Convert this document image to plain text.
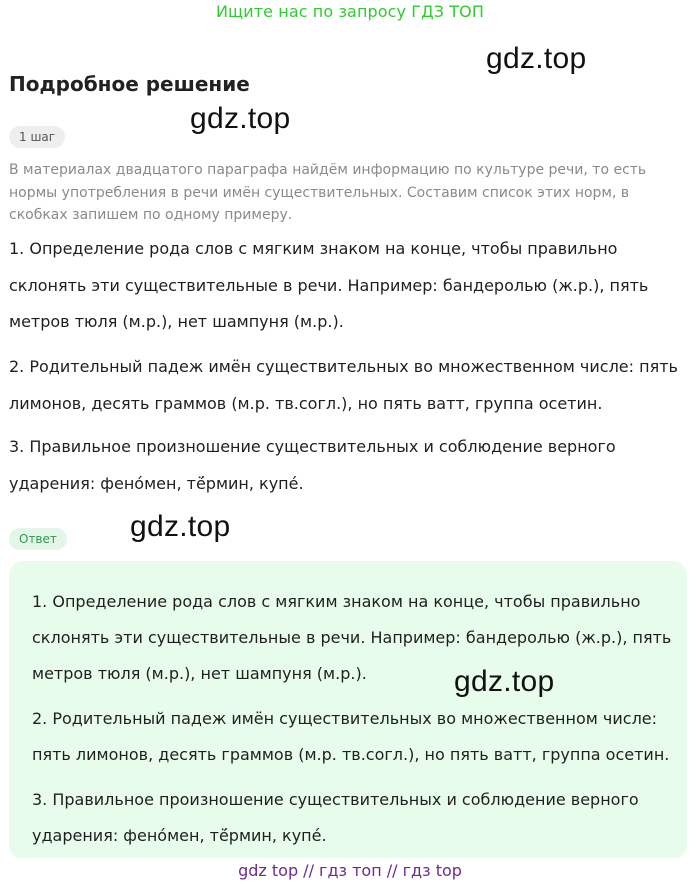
Ищите нас по запросу ГДЗ ТОП
gdz.top
Подробное решение
gdz.top
1 шаг
В материалах двадцатого параграфа найдём информацию по культуре речи, то есть нормы употребления в речи имён существительных. Составим список этих норм, в скобках запишем по одному примеру.
1. Определение рода слов с мягким знаком на конце, чтобы правильно склонять эти существительные в речи. Например: бандеролью (ж.р.), пять метров тюля (м.р.), нет шампуня (м.р.).
2. Родительный падеж имён существительных во множественном числе: пять лимонов, десять граммов (м.р. тв.согл.), но пять ватт, группа осетин.
3. Правильное произношение существительных и соблюдение верного ударения: фено́мен, тё́рмин, купе́.
gdz.top
Ответ
1. Определение рода слов с мягким знаком на конце, чтобы правильно склонять эти существительные в речи. Например: бандеролью (ж.р.), пять метров тюля (м.р.), нет шампуня (м.р.).	gdz.top
2. Родительный падеж имён существительных во множественном числе: пять лимонов, десять граммов (м.р. тв.согл.), но пять ватт, группа осетин.
3. Правильное произношение существительных и соблюдение верного ударения: фено́мен, тё́рмин, купе́.
gdz top // гдз топ // гдз top
